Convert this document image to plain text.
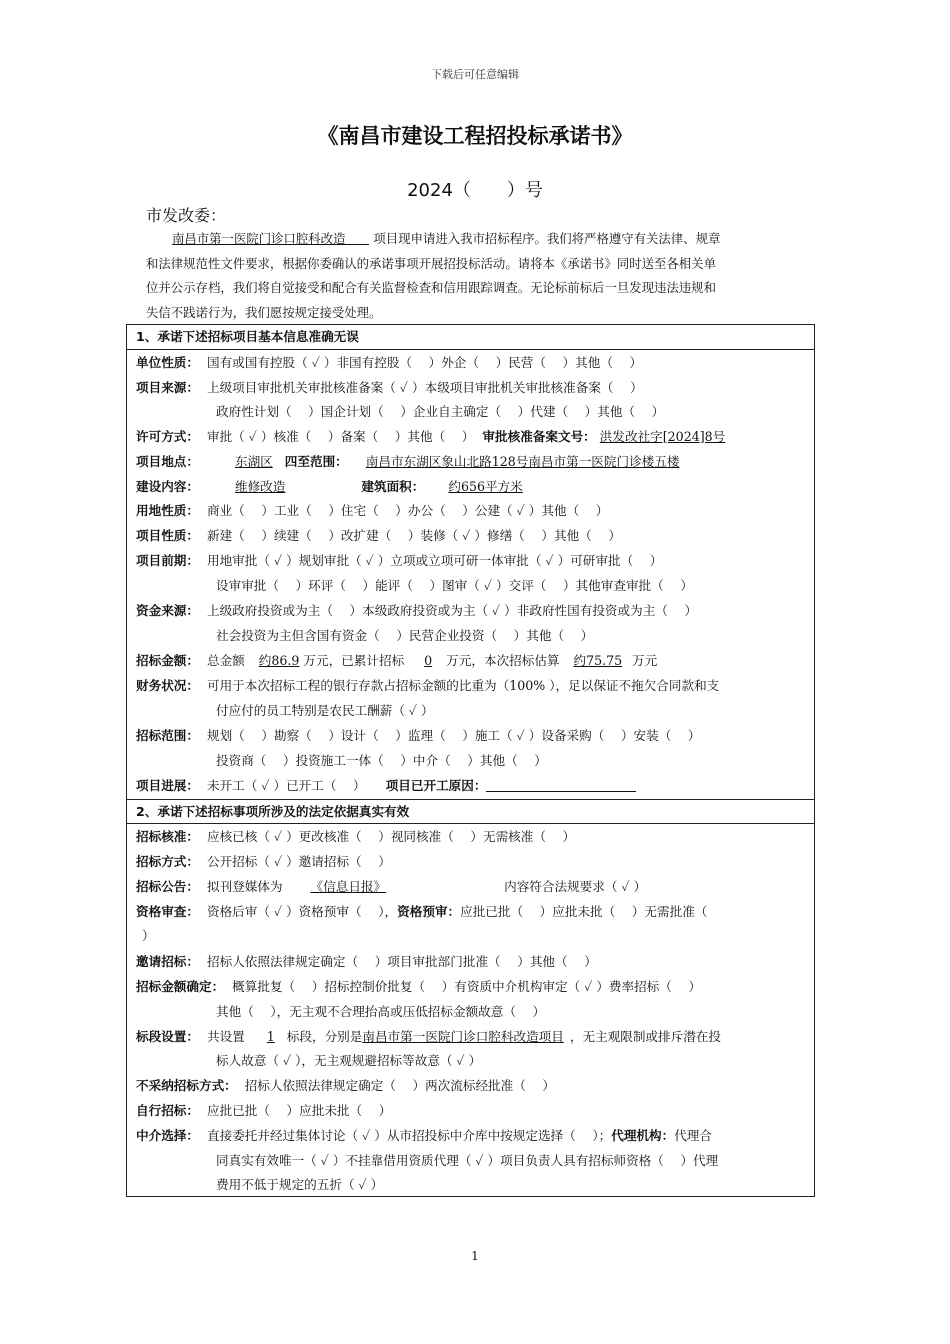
下载后可任意编辑
《南昌市建设工程招投标承诺书》
2024（　　）号
市发改委：
南昌市第一医院门诊口腔科改造 项目现申请进入我市招标程序。我们将严格遵守有关法律、规章
和法律规范性文件要求，根据你委确认的承诺事项开展招投标活动。请将本《承诺书》同时送至各相关单
位并公示存档，我们将自觉接受和配合有关监督检查和信用跟踪调查。无论标前标后一旦发现违法违规和
失信不践诺行为，我们愿按规定接受处理。
1、承诺下述招标项目基本信息准确无误
单位性质： 国有或国有控股（ ✓ ）非国有控股（　 ）外企（　 ）民营（　 ）其他（　 ）
项目来源： 上级项目审批机关审批核准备案（ ✓ ）本级项目审批机关审批核准备案（　 ）
政府性计划（　 ）国企计划（　 ）企业自主确定（　 ）代建（　 ）其他（　 ）
许可方式： 审批（ ✓ ）核准（　 ）备案（　 ）其他（　 ） 审批核准备案文号： 洪发改社字[2024]8号
项目地点：	东湖区 四至范围： 南昌市东湖区象山北路128号南昌市第一医院门诊楼五楼
建设内容：	维修改造	建筑面积： 约656平方米
用地性质： 商业（　 ）工业（　 ）住宅（　 ）办公（　 ）公建（ ✓ ）其他（　 ）
项目性质： 新建（　 ）续建（　 ）改扩建（　 ）装修（ ✓ ）修缮（　 ）其他（　 ）
项目前期： 用地审批（ ✓ ）规划审批（ ✓ ）立项或立项可研一体审批（ ✓ ）可研审批（　 ）
设审审批（　 ）环评（　 ）能评（　 ）图审（ ✓ ）交评（　 ）其他审查审批（　 ）
资金来源： 上级政府投资或为主（　 ）本级政府投资或为主（ ✓ ）非政府性国有投资或为主（　 ）
社会投资为主但含国有资金（　 ）民营企业投资（　 ）其他（　 ）
招标金额： 总金额 约86.9 万元，已累计招标 0 万元，本次招标估算 约75.75 万元
财务状况： 可用于本次招标工程的银行存款占招标金额的比重为（100% ），足以保证不拖欠合同款和支
付应付的员工特别是农民工酬薪（ ✓ ）
招标范围： 规划（　 ）勘察（　 ）设计（　 ）监理（　 ）施工（ ✓ ）设备采购（　 ）安装（　 ）
投资商（　 ）投资施工一体（　 ）中介（　 ）其他（　 ）
项目进展： 未开工（ ✓ ）已开工（　 ） 项目已开工原因：
2、承诺下述招标事项所涉及的法定依据真实有效
招标核准： 应核已核（ ✓ ）更改核准（　 ）视同核准（　 ）无需核准（　 ）
招标方式： 公开招标（ ✓ ）邀请招标（　 ）
招标公告： 拟刊登媒体为 《信息日报》	内容符合法规要求（ ✓ ）
资格审查： 资格后审（ ✓ ）资格预审（　 ），资格预审：应批已批（　 ）应批未批（　 ）无需批准（
）
邀请招标： 招标人依照法律规定确定（　 ）项目审批部门批准（　 ）其他（　 ）
招标金额确定： 概算批复（　 ）招标控制价批复（　 ）有资质中介机构审定（ ✓ ）费率招标（　 ）
其他（　 ），无主观不合理抬高或压低招标金额故意（　 ）
标段设置： 共设置 1 标段，分别是南昌市第一医院门诊口腔科改造项目 ，无主观限制或排斥潜在投
标人故意（ ✓ ），无主观规避招标等故意（ ✓ ）
不采纳招标方式： 招标人依照法律规定确定（　 ）两次流标经批准（　 ）
自行招标： 应批已批（　 ）应批未批（　 ）
中介选择： 直接委托并经过集体讨论（ ✓ ）从市招投标中介库中按规定选择（　 ）；代理机构：代理合
同真实有效唯一（ ✓ ）不挂靠借用资质代理（ ✓ ）项目负责人具有招标师资格（　 ）代理
费用不低于规定的五折（ ✓ ）
1
